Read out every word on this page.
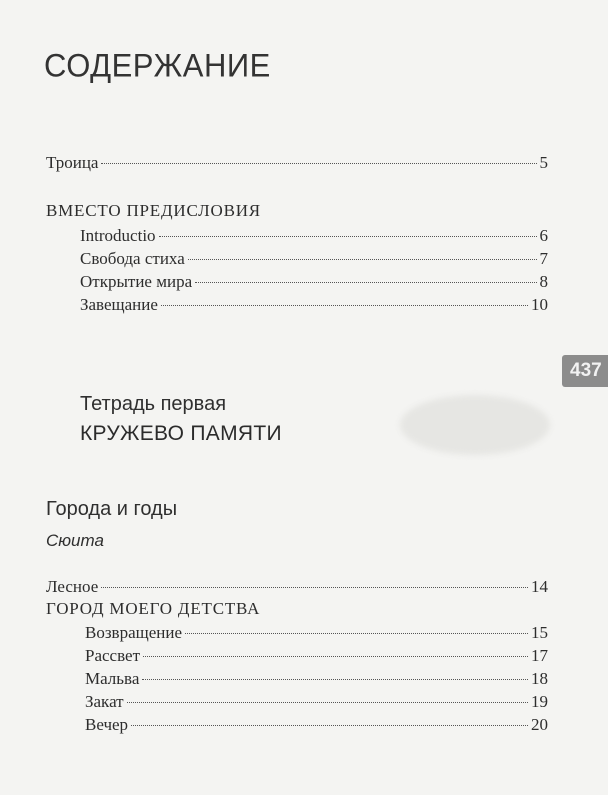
СОДЕРЖАНИЕ
Троица	5
ВМЕСТО ПРЕДИСЛОВИЯ
Introductio	6
Свобода стиха	7
Открытие мира	8
Завещание	10
437
Тетрадь первая
КРУЖЕВО ПАМЯТИ
Города и годы
Сюита
Лесное	14
ГОРОД МОЕГО ДЕТСТВА
Возвращение	15
Рассвет	17
Мальва	18
Закат	19
Вечер	20
